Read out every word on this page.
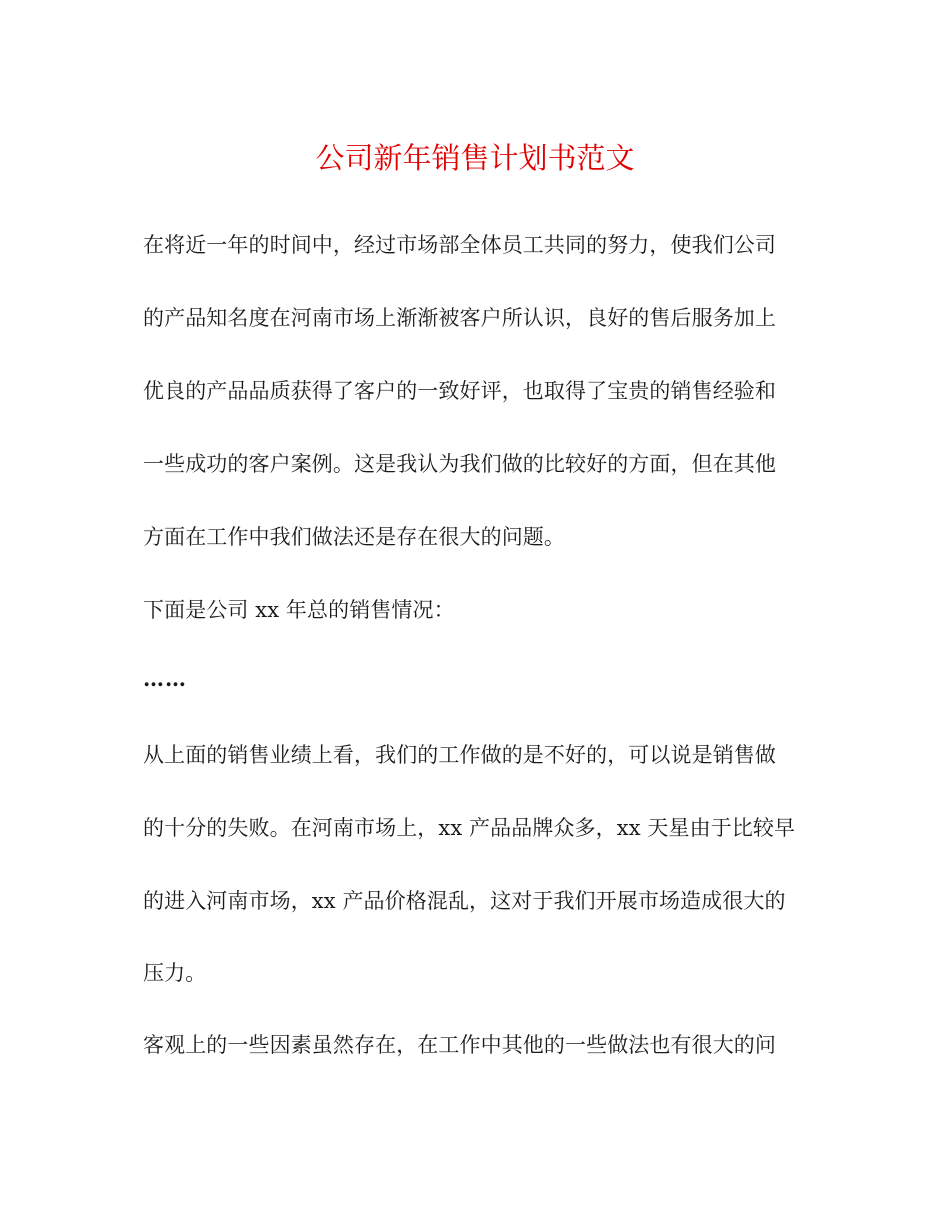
公司新年销售计划书范文
在将近一年的时间中，经过市场部全体员工共同的努力，使我们公司
的产品知名度在河南市场上渐渐被客户所认识，良好的售后服务加上
优良的产品品质获得了客户的一致好评，也取得了宝贵的销售经验和
一些成功的客户案例。这是我认为我们做的比较好的方面，但在其他
方面在工作中我们做法还是存在很大的问题。
下面是公司 xx 年总的销售情况：
……
从上面的销售业绩上看，我们的工作做的是不好的，可以说是销售做
的十分的失败。在河南市场上，xx 产品品牌众多，xx 天星由于比较早
的进入河南市场，xx 产品价格混乱，这对于我们开展市场造成很大的
压力。
客观上的一些因素虽然存在，在工作中其他的一些做法也有很大的问
